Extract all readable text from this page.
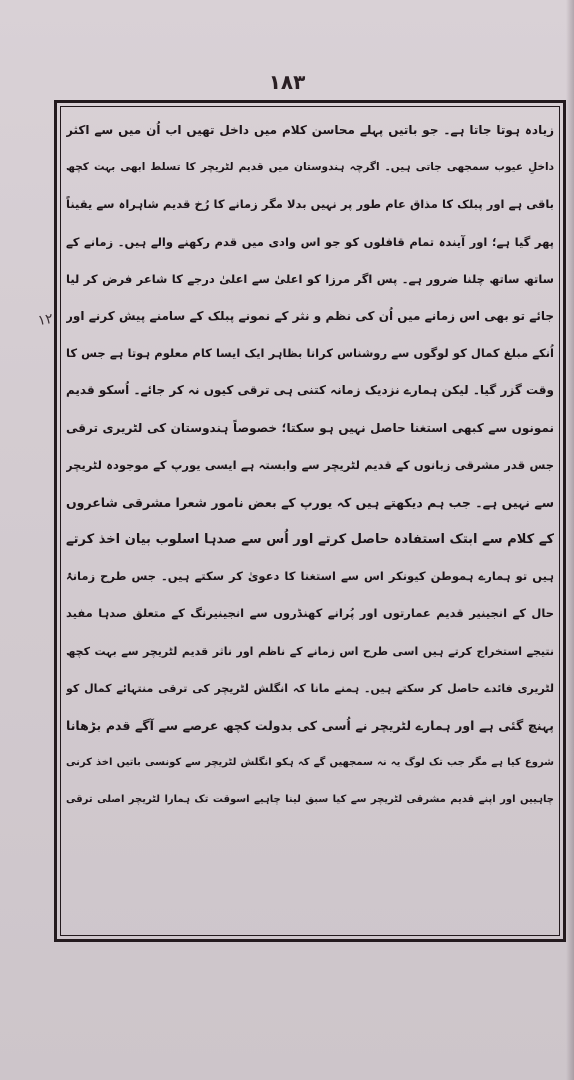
۱۸۳
۱۲
زیادہ ہوتا جاتا ہے۔ جو باتیں پہلے محاسن کلام میں داخل تھیں اب اُن میں سے اکثر
داخلِ عیوب سمجھی جاتی ہیں۔ اگرچہ ہندوستان میں قدیم لٹریچر کا تسلط ابھی بہت کچھ
باقی ہے اور پبلک کا مذاق عام طور پر نہیں بدلا مگر زمانے کا رُخ قدیم شاہراہ سے یقیناً
پھر گیا ہے؛ اور آیندہ تمام قافلوں کو جو اس وادی میں قدم رکھنے والے ہیں۔ زمانے کے
ساتھ ساتھ چلنا ضرور ہے۔ پس اگر مرزا کو اعلیٰ سے اعلیٰ درجے کا شاعر فرض کر لیا
جائے تو بھی اس زمانے میں اُن کی نظم و نثر کے نمونے پبلک کے سامنے پیش کرنے اور
اُنکے مبلغ کمال کو لوگوں سے روشناس کرانا بظاہر ایک ایسا کام معلوم ہوتا ہے جس کا
وقت گزر گیا۔ لیکن ہمارے نزدیک زمانہ کتنی ہی ترقی کیوں نہ کر جائے۔ اُسکو قدیم
نمونوں سے کبھی استغنا حاصل نہیں ہو سکتا؛ خصوصاً ہندوستان کی لٹریری ترقی
جس قدر مشرقی زبانوں کے قدیم لٹریچر سے وابستہ ہے ایسی یورپ کے موجودہ لٹریچر
سے نہیں ہے۔ جب ہم دیکھتے ہیں کہ یورپ کے بعض نامور شعرا مشرقی شاعروں
کے کلام سے ابتک استفادہ حاصل کرتے اور اُس سے صدہا اسلوب بیان اخذ کرتے
ہیں تو ہمارے ہموطن کیونکر اس سے استغنا کا دعویٰ کر سکتے ہیں۔ جس طرح زمانۂ
حال کے انجینیر قدیم عمارتوں اور پُرانے کھنڈروں سے انجینیرنگ کے متعلق صدہا مفید
نتیجے استخراج کرتے ہیں اسی طرح اس زمانے کے ناظم اور ناثر قدیم لٹریچر سے بہت کچھ
لٹریری فائدے حاصل کر سکتے ہیں۔ ہمنے مانا کہ انگلش لٹریچر کی ترقی منتہائے کمال کو
پہنچ گئی ہے اور ہمارے لٹریچر نے اُسی کی بدولت کچھ عرصے سے آگے قدم بڑھانا
شروع کیا ہے مگر جب تک لوگ یہ نہ سمجھیں گے کہ ہکو انگلش لٹریچر سے کونسی باتیں اخذ کرنی
چاہییں اور اپنے قدیم مشرقی لٹریچر سے کیا سبق لینا چاہیے اسوقت تک ہمارا لٹریچر اصلی ترقی
